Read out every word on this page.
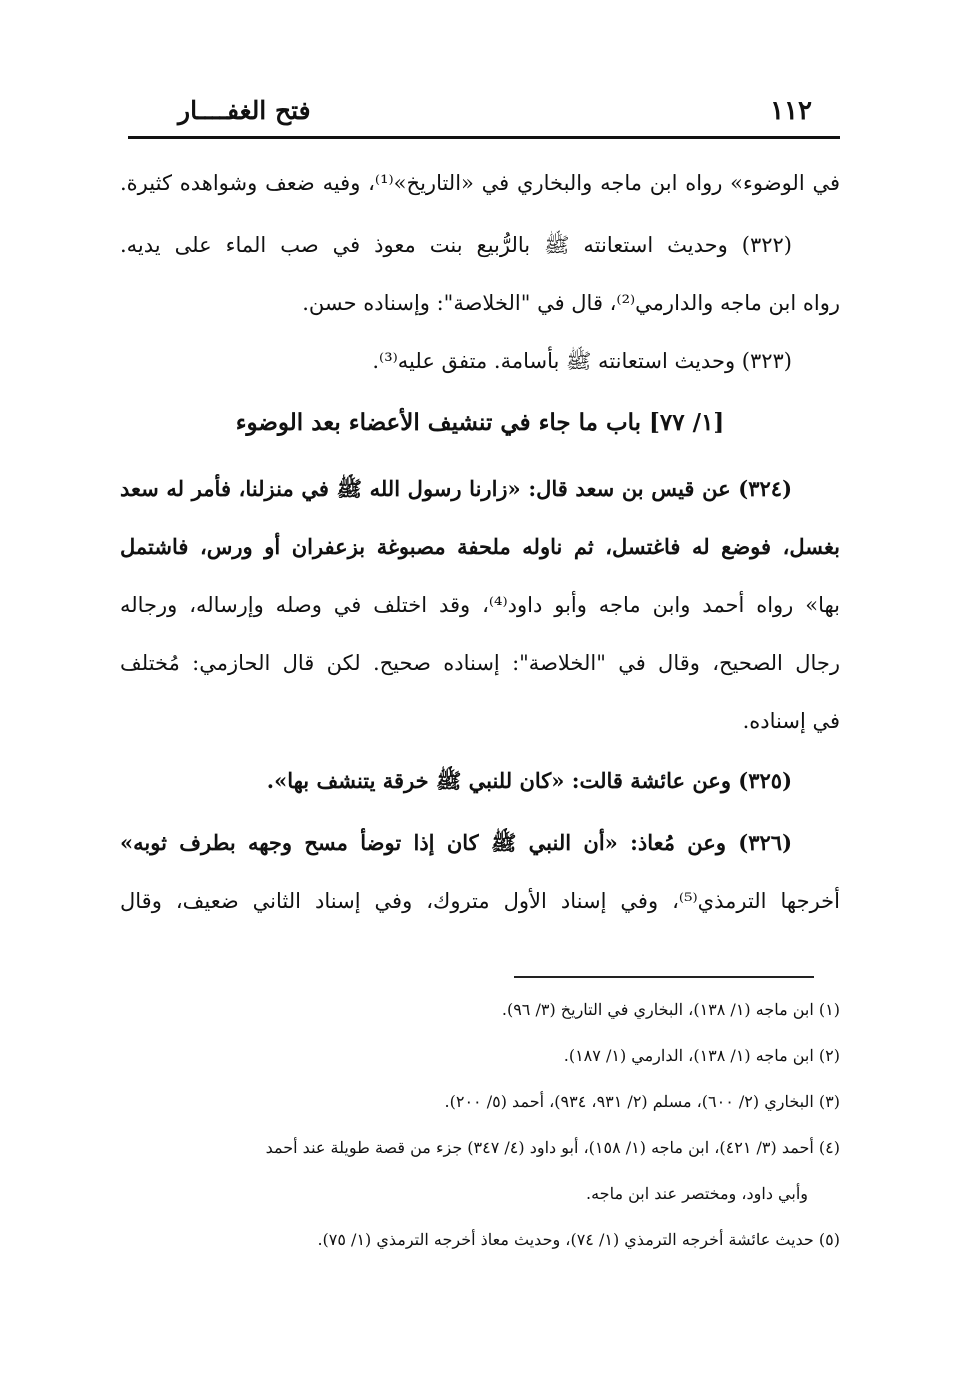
١١٢
فتح الغفــــار
في الوضوء» رواه ابن ماجه والبخاري في «التاريخ»⁽¹⁾، وفيه ضعف وشواهده كثيرة.
(٣٢٢) وحديث استعانته ﷺ بالرُّبيع بنت معوذ في صب الماء على يديه.
رواه ابن ماجه والدارمي⁽²⁾، قال في "الخلاصة": وإسناده حسن.
(٣٢٣) وحديث استعانته ﷺ بأسامة. متفق عليه⁽³⁾.
[١/ ٧٧] باب ما جاء في تنشيف الأعضاء بعد الوضوء
(٣٢٤) عن قيس بن سعد قال: «زارنا رسول الله ﷺ في منزلنا، فأمر له سعد
بغسل، فوضع له فاغتسل، ثم ناوله ملحفة مصبوغة بزعفران أو ورس، فاشتمل
بها» رواه أحمد وابن ماجه وأبو داود⁽⁴⁾، وقد اختلف في وصله وإرساله، ورجاله
رجال الصحيح، وقال في "الخلاصة": إسناده صحيح. لكن قال الحازمي: مُختلف
في إسناده.
(٣٢٥) وعن عائشة قالت: «كان للنبي ﷺ خرقة يتنشف بها».
(٣٢٦) وعن مُعاذ: «أن النبي ﷺ كان إذا توضأ مسح وجهه بطرف ثوبه»
أخرجها الترمذي⁽⁵⁾، وفي إسناد الأول متروك، وفي إسناد الثاني ضعيف، وقال
(١) ابن ماجه (١/ ١٣٨)، البخاري في التاريخ (٣/ ٩٦).
(٢) ابن ماجه (١/ ١٣٨)، الدارمي (١/ ١٨٧).
(٣) البخاري (٢/ ٦٠٠)، مسلم (٢/ ٩٣١، ٩٣٤)، أحمد (٥/ ٢٠٠).
(٤) أحمد (٣/ ٤٢١)، ابن ماجه (١/ ١٥٨)، أبو داود (٤/ ٣٤٧) جزء من قصة طويلة عند أحمد
وأبي داود، ومختصر عند ابن ماجه.
(٥) حديث عائشة أخرجه الترمذي (١/ ٧٤)، وحديث معاذ أخرجه الترمذي (١/ ٧٥).
